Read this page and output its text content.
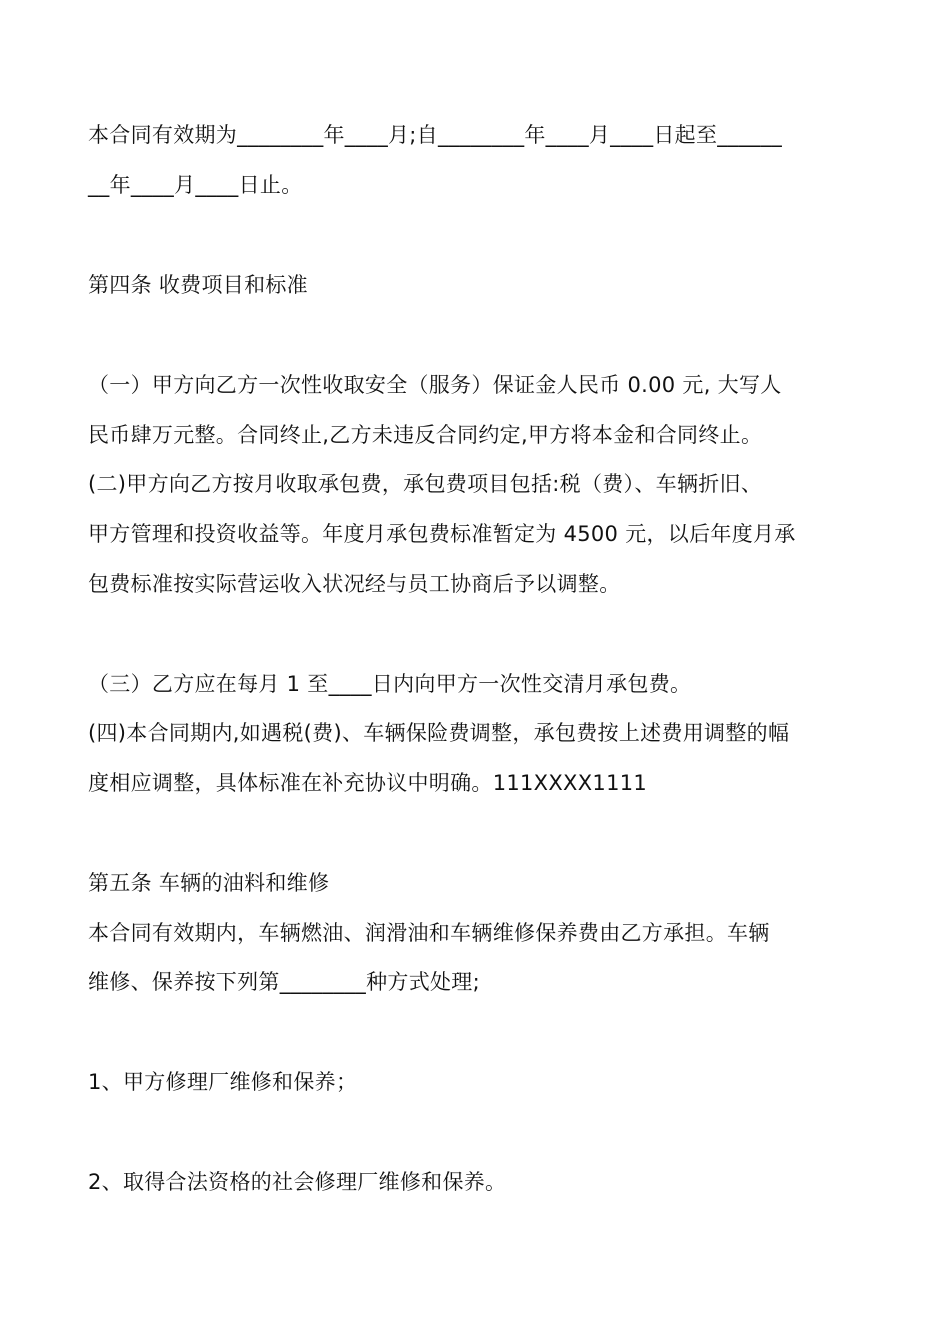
本合同有效期为________年____月;自________年____月____日起至______
__年____月____日止。
第四条 收费项目和标准
（一）甲方向乙方一次性收取安全（服务）保证金人民币 0.00 元, 大写人
民币肆万元整。合同终止,乙方未违反合同约定,甲方将本金和合同终止。
(二)甲方向乙方按月收取承包费，承包费项目包括:税（费）、车辆折旧、
甲方管理和投资收益等。年度月承包费标准暂定为 4500 元，以后年度月承
包费标准按实际营运收入状况经与员工协商后予以调整。
（三）乙方应在每月 1 至____日内向甲方一次性交清月承包费。
(四)本合同期内,如遇税(费)、车辆保险费调整，承包费按上述费用调整的幅
度相应调整，具体标准在补充协议中明确。111XXXX1111
第五条 车辆的油料和维修
本合同有效期内，车辆燃油、润滑油和车辆维修保养费由乙方承担。车辆
维修、保养按下列第________种方式处理;
1、甲方修理厂维修和保养；
2、取得合法资格的社会修理厂维修和保养。
